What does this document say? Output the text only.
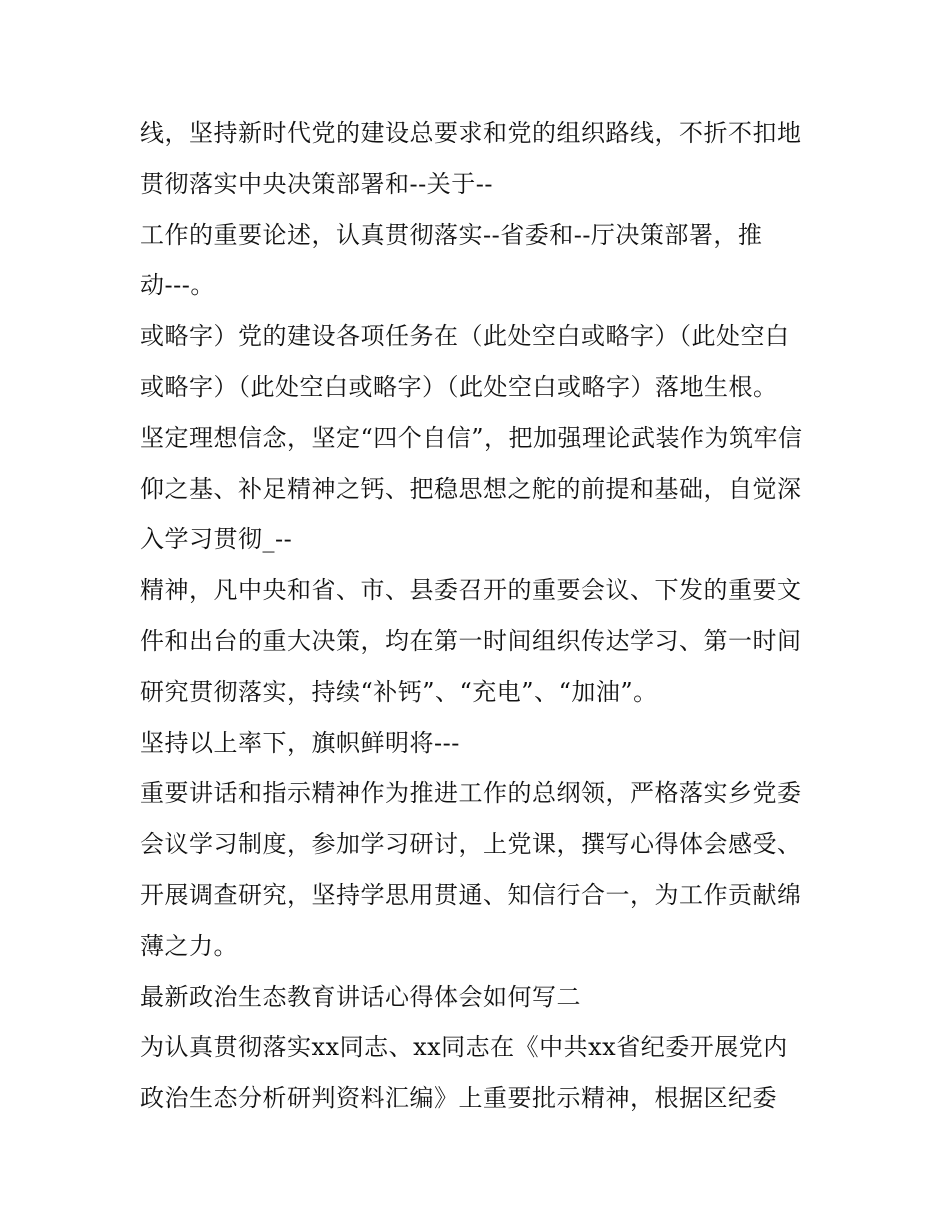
线，坚持新时代党的建设总要求和党的组织路线，不折不扣地
贯彻落实中央决策部署和--关于--
工作的重要论述，认真贯彻落实--省委和--厅决策部署，推
动---。
或略字）党的建设各项任务在（此处空白或略字）（此处空白
或略字）（此处空白或略字）（此处空白或略字）落地生根。
坚定理想信念，坚定“四个自信”，把加强理论武装作为筑牢信
仰之基、补足精神之钙、把稳思想之舵的前提和基础，自觉深
入学习贯彻_--
精神，凡中央和省、市、县委召开的重要会议、下发的重要文
件和出台的重大决策，均在第一时间组织传达学习、第一时间
研究贯彻落实，持续“补钙”、“充电”、“加油”。
坚持以上率下，旗帜鲜明将---
重要讲话和指示精神作为推进工作的总纲领，严格落实乡党委
会议学习制度，参加学习研讨，上党课，撰写心得体会感受、
开展调查研究，坚持学思用贯通、知信行合一，为工作贡献绵
薄之力。
最新政治生态教育讲话心得体会如何写二
为认真贯彻落实xx同志、xx同志在《中共xx省纪委开展党内
政治生态分析研判资料汇编》上重要批示精神，根据区纪委
